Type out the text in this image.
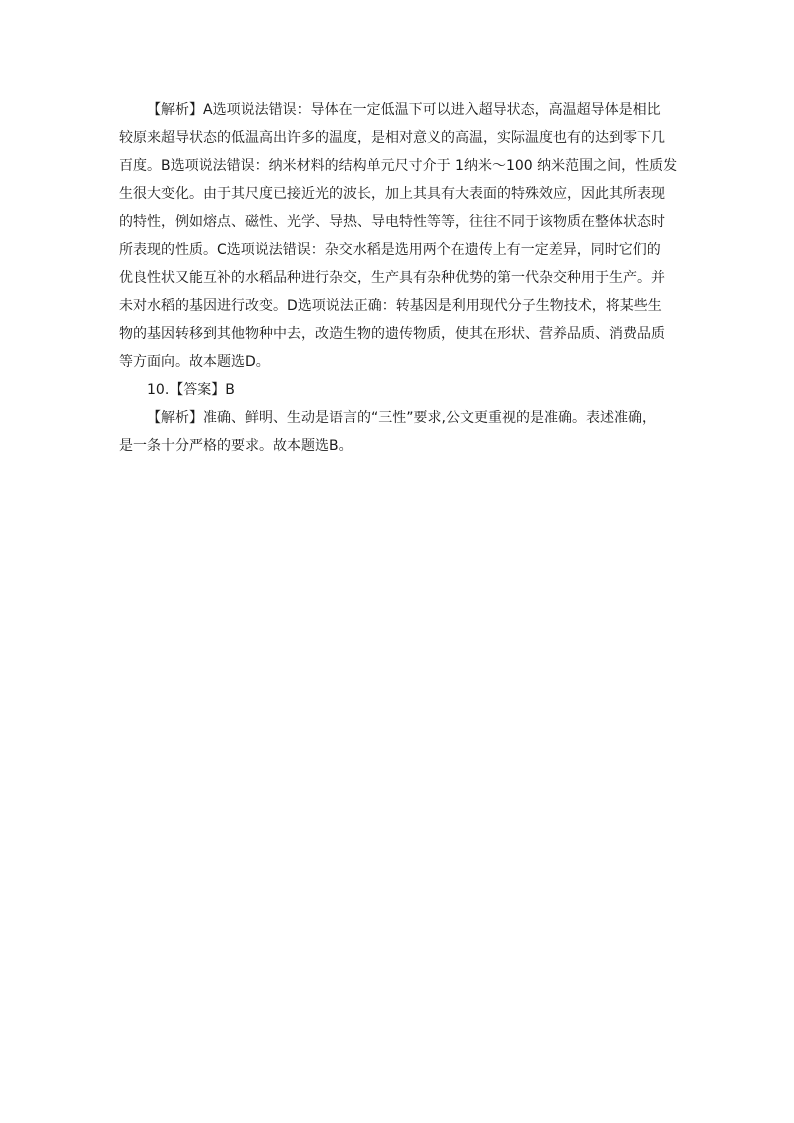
【解析】A选项说法错误：导体在一定低温下可以进入超导状态，高温超导体是相比
较原来超导状态的低温高出许多的温度，是相对意义的高温，实际温度也有的达到零下几
百度。B选项说法错误：纳米材料的结构单元尺寸介于 1纳米～100 纳米范围之间，性质发
生很大变化。由于其尺度已接近光的波长，加上其具有大表面的特殊效应，因此其所表现
的特性，例如熔点、磁性、光学、导热、导电特性等等，往往不同于该物质在整体状态时
所表现的性质。C选项说法错误：杂交水稻是选用两个在遗传上有一定差异，同时它们的
优良性状又能互补的水稻品种进行杂交，生产具有杂种优势的第一代杂交种用于生产。并
未对水稻的基因进行改变。D选项说法正确：转基因是利用现代分子生物技术，将某些生
物的基因转移到其他物种中去，改造生物的遗传物质，使其在形状、营养品质、消费品质
等方面向。故本题选D。
10.【答案】B
【解析】准确、鲜明、生动是语言的“三性”要求,公文更重视的是准确。表述准确，
是一条十分严格的要求。故本题选B。
